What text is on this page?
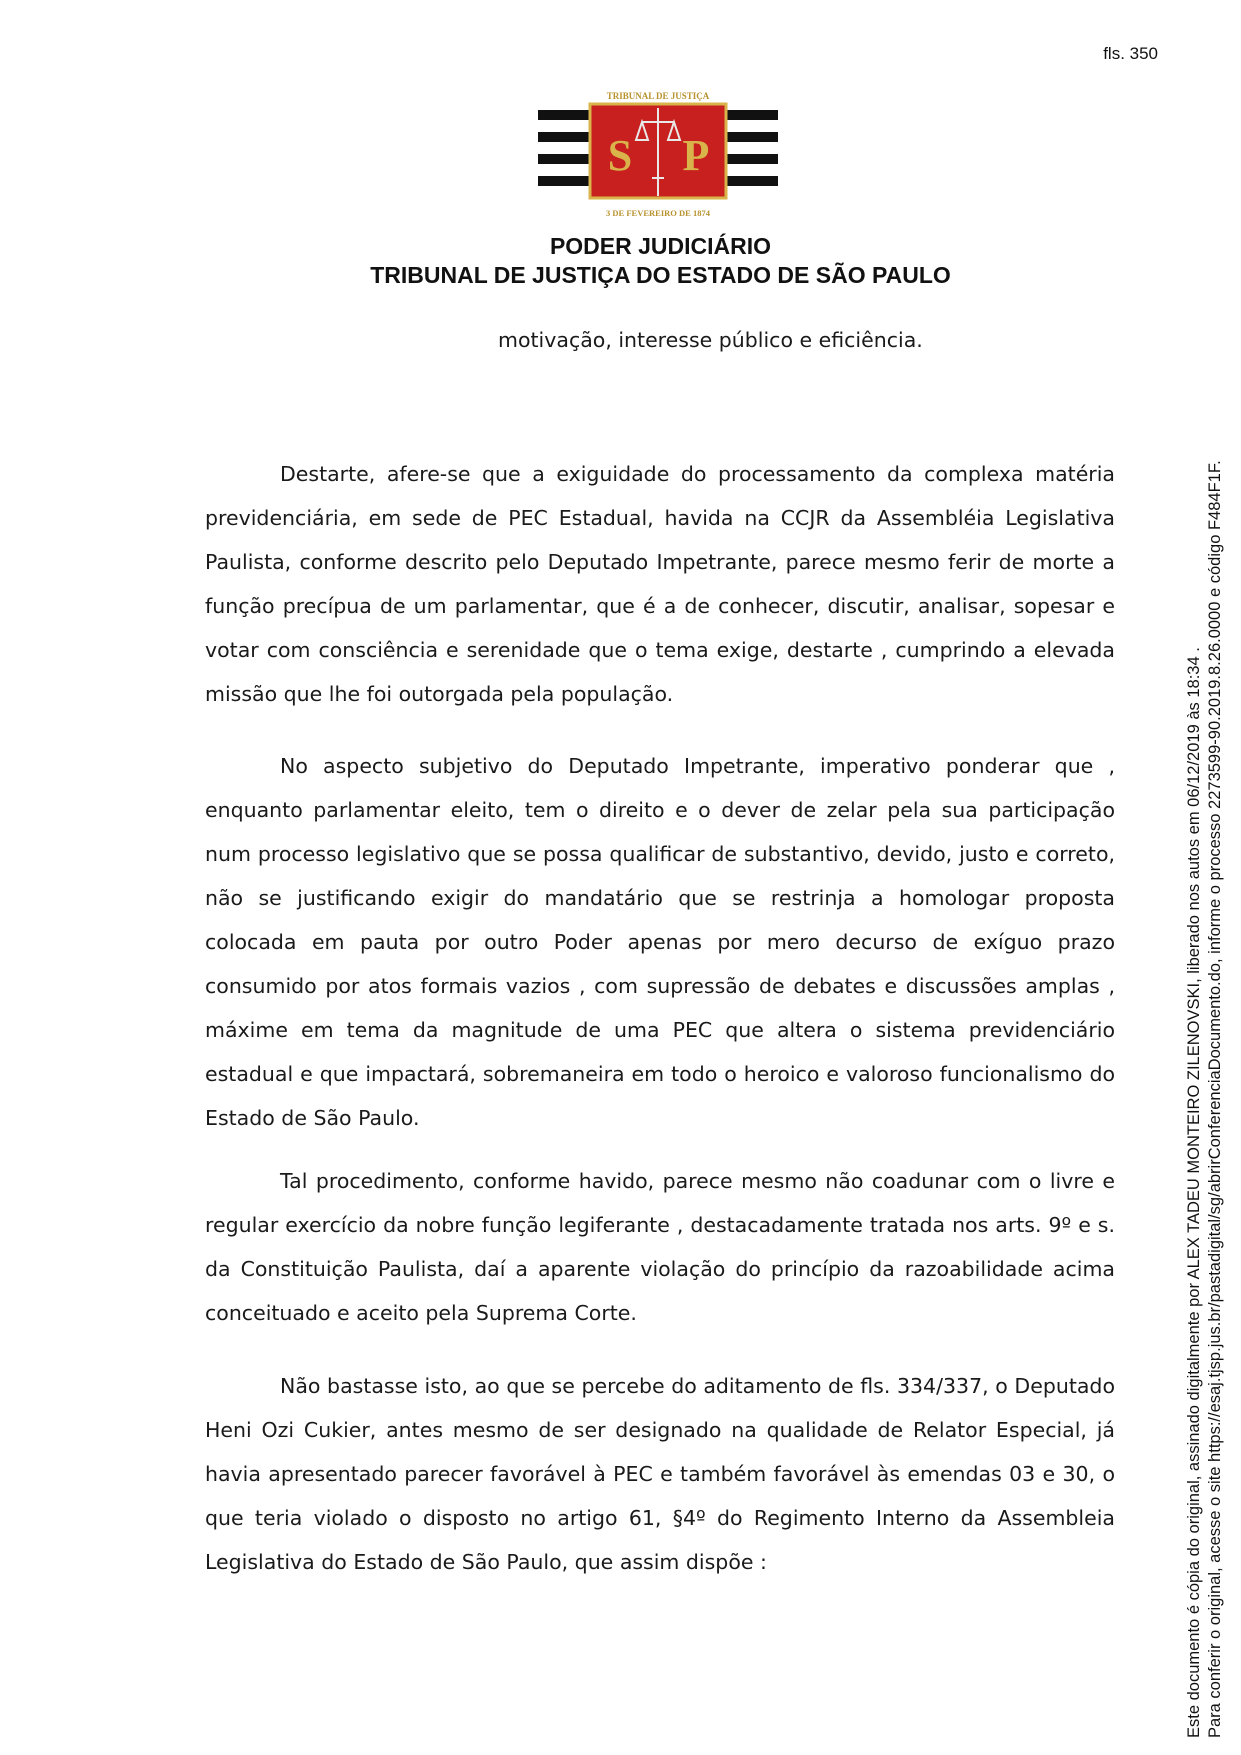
fls. 350
TRIBUNAL DE JUSTIÇA
S P
3 DE FEVEREIRO DE 1874
PODER JUDICIÁRIO
TRIBUNAL DE JUSTIÇA DO ESTADO DE SÃO PAULO
motivação, interesse público e eficiência.

Destarte, afere-se que a exiguidade do processamento da complexa matéria previdenciária, em sede de PEC Estadual, havida na CCJR da Assembléia Legislativa Paulista, conforme descrito pelo Deputado Impetrante, parece mesmo ferir de morte a função precípua de um parlamentar, que é a de conhecer, discutir, analisar, sopesar e votar com consciência e serenidade que o tema exige, destarte , cumprindo a elevada missão que lhe foi outorgada pela população.

No aspecto subjetivo do Deputado Impetrante, imperativo ponderar que , enquanto parlamentar eleito, tem o direito e o dever de zelar pela sua participação num processo legislativo que se possa qualificar de substantivo, devido, justo e correto, não se justificando exigir do mandatário que se restrinja a homologar proposta colocada em pauta por outro Poder apenas por mero decurso de exíguo prazo consumido por atos formais vazios , com supressão de debates e discussões amplas , máxime em tema da magnitude de uma PEC que altera o sistema previdenciário estadual e que impactará, sobremaneira em todo o heroico e valoroso funcionalismo do Estado de São Paulo.

Tal procedimento, conforme havido, parece mesmo não coadunar com o livre e regular exercício da nobre função legiferante , destacadamente tratada nos arts. 9º e s. da Constituição Paulista, daí a aparente violação do princípio da razoabilidade acima conceituado e aceito pela Suprema Corte.

Não bastasse isto, ao que se percebe do aditamento de fls. 334/337, o Deputado Heni Ozi Cukier, antes mesmo de ser designado na qualidade de Relator Especial, já havia apresentado parecer favorável à PEC e também favorável às emendas 03 e 30, o que teria violado o disposto no artigo 61, §4º do Regimento Interno da Assembleia Legislativa do Estado de São Paulo, que assim dispõe :	Este documento é cópia do original, assinado digitalmente por ALEX TADEU MONTEIRO ZILENOVSKI, liberado nos autos em 06/12/2019 às 18:34 . Para conferir o original, acesse o site https://esaj.tjsp.jus.br/pastadigital/sg/abrirConferenciaDocumento.do, informe o processo 2273599-90.2019.8.26.0000 e código F484F1F.
